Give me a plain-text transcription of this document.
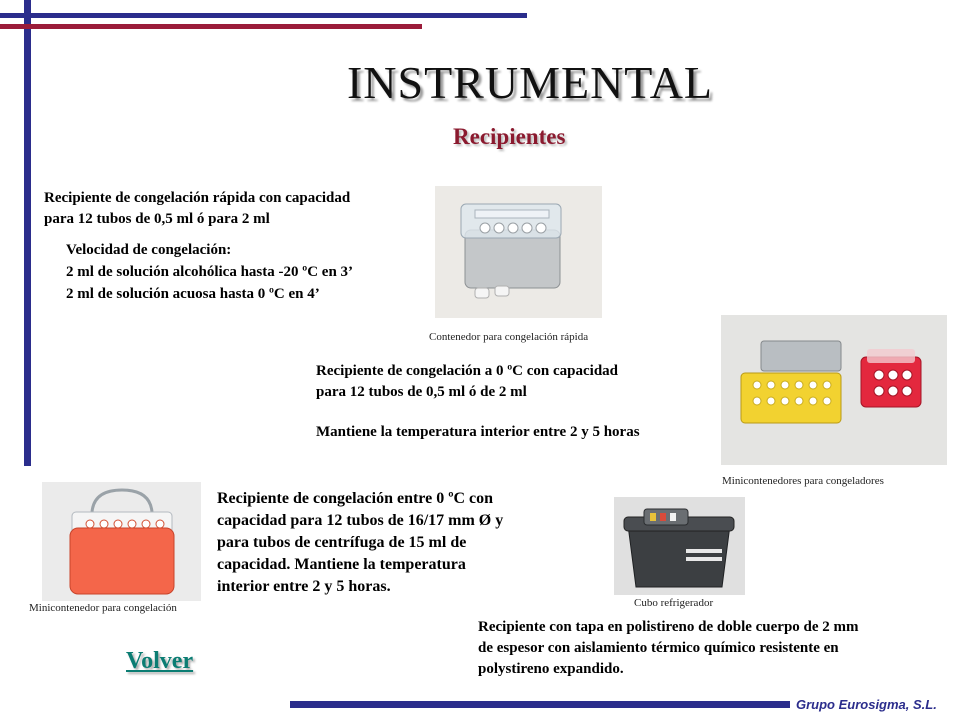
INSTRUMENTAL
Recipientes

Recipiente de congelación rápida con capacidad
para 12 tubos de 0,5 ml ó para 2 ml

Velocidad de congelación:
2 ml de solución alcohólica hasta -20 ºC en 3’
2 ml de solución acuosa hasta 0 ºC en 4’

Contenedor para congelación rápida

Recipiente de congelación a 0 ºC con capacidad
para 12 tubos de 0,5 ml ó de 2 ml

Mantiene la temperatura interior entre 2 y 5 horas

Minicontenedores para congeladores

Recipiente de congelación entre 0 ºC con
capacidad para 12 tubos de 16/17 mm Ø y
para tubos de centrífuga de 15 ml de
capacidad. Mantiene la temperatura
interior entre 2 y 5 horas.

Minicontenedor para congelación	Cubo refrigerador

Recipiente con tapa en polistireno de doble cuerpo de 2 mm
de espesor con aislamiento térmico químico resistente en
polystireno expandido.

Volver
Grupo Eurosigma, S.L.
